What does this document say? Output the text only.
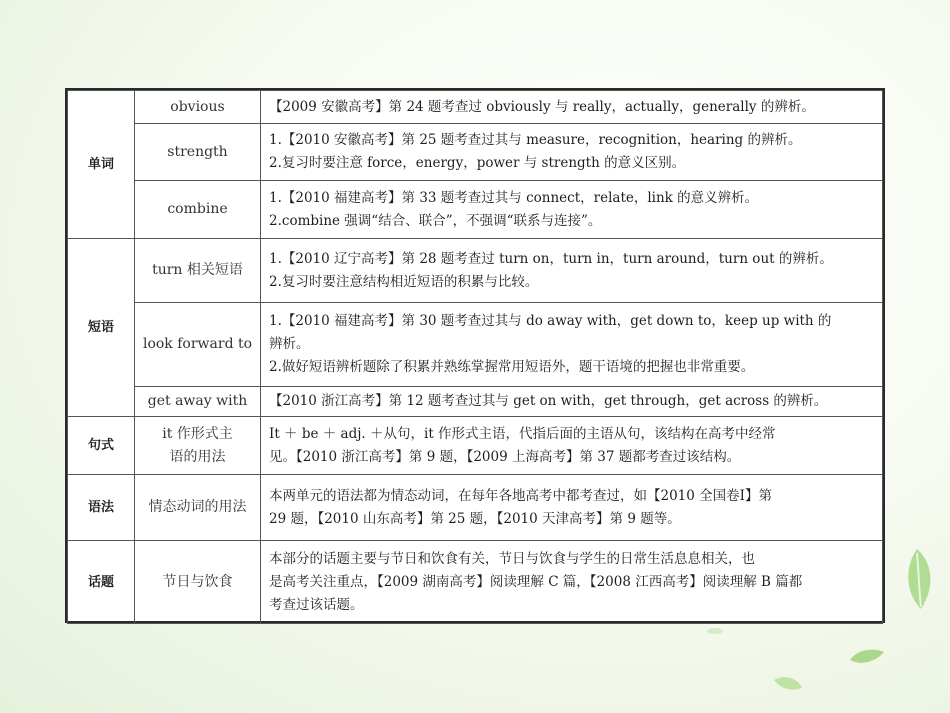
单词	obvious	【2009 安徽高考】第 24 题考查过 obviously 与 really，actually，generally 的辨析。

	strength	1.【2010 安徽高考】第 25 题考查过其与 measure，recognition，hearing 的辨析。
2.复习时要注意 force，energy，power 与 strength 的意义区别。

	combine	1.【2010 福建高考】第 33 题考查过其与 connect，relate，link 的意义辨析。
2.combine 强调“结合、联合”，不强调“联系与连接”。

短语	turn 相关短语	1.【2010 辽宁高考】第 28 题考查过 turn on，turn in，turn around，turn out 的辨析。
2.复习时要注意结构相近短语的积累与比较。

	look forward to	1.【2010 福建高考】第 30 题考查过其与 do away with，get down to，keep up with 的
辨析。
2.做好短语辨析题除了积累并熟练掌握常用短语外，题干语境的把握也非常重要。

	get away with	【2010 浙江高考】第 12 题考查过其与 get on with，get through，get across 的辨析。

句式	it 作形式主
语的用法	It ＋ be ＋ adj. ＋从句，it 作形式主语，代指后面的主语从句，该结构在高考中经常
见。【2010 浙江高考】第 9 题，【2009 上海高考】第 37 题都考查过该结构。

语法	情态动词的用法	本两单元的语法都为情态动词，在每年各地高考中都考查过，如【2010 全国卷Ⅰ】第
29 题，【2010 山东高考】第 25 题，【2010 天津高考】第 9 题等。

话题	节日与饮食	本部分的话题主要与节日和饮食有关，节日与饮食与学生的日常生活息息相关，也
是高考关注重点，【2009 湖南高考】阅读理解 C 篇，【2008 江西高考】阅读理解 B 篇都
考查过该话题。
